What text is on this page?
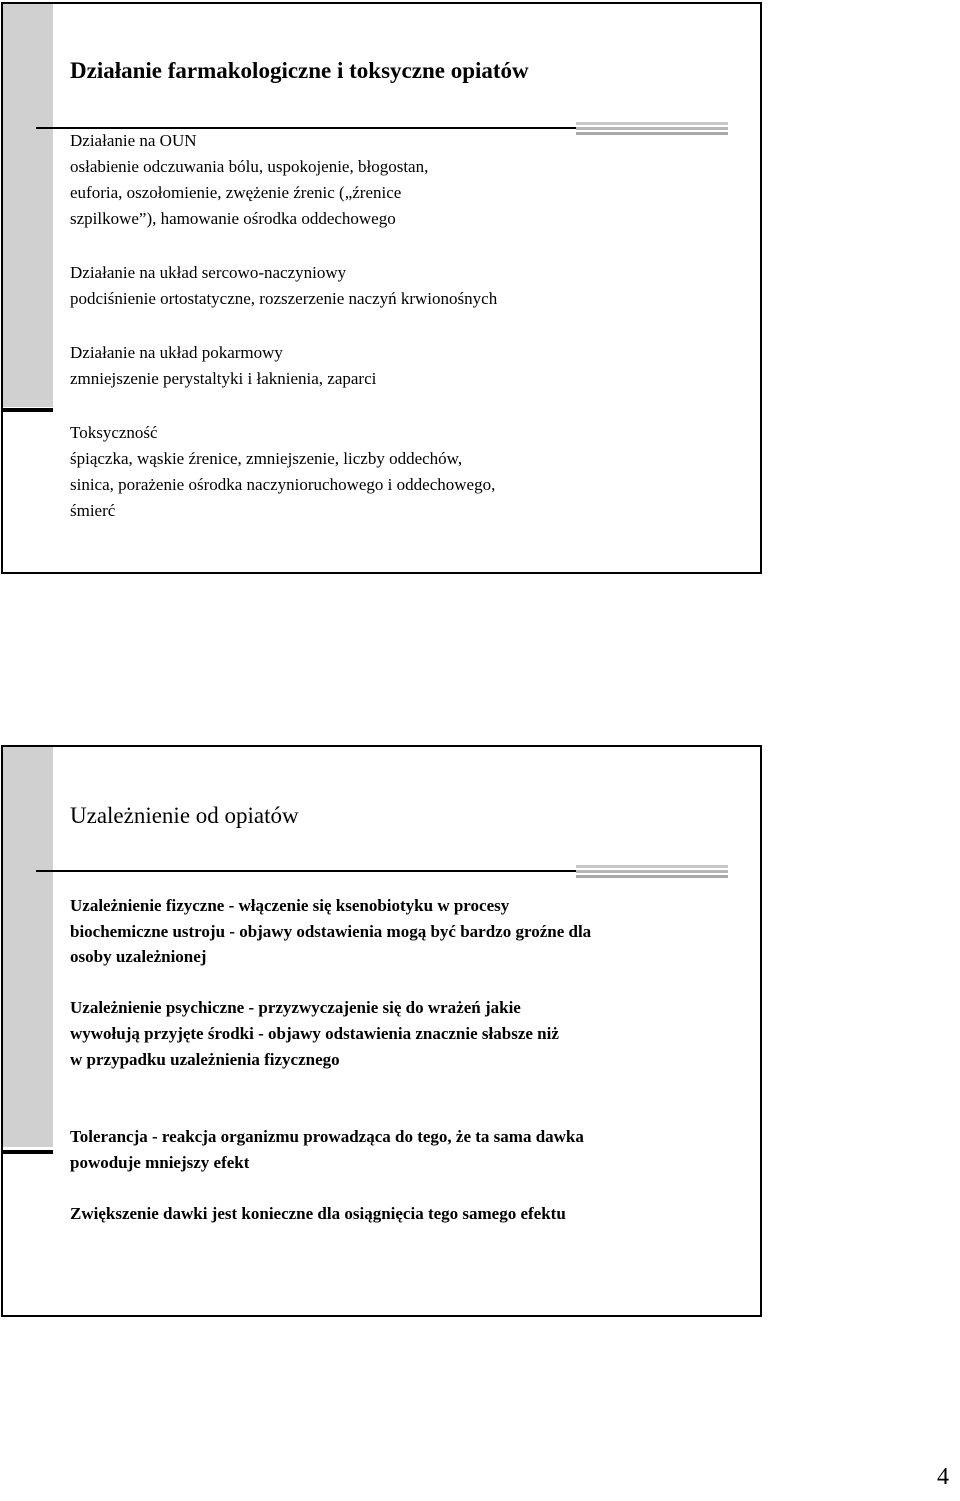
Działanie farmakologiczne i toksyczne opiatów
Działanie na OUN
osłabienie odczuwania bólu, uspokojenie, błogostan,
euforia, oszołomienie, zwężenie źrenic („źrenice
szpilkowe”), hamowanie ośrodka oddechowego
Działanie na układ sercowo-naczyniowy
podciśnienie ortostatyczne, rozszerzenie naczyń krwionośnych
Działanie na układ pokarmowy
zmniejszenie perystaltyki i łaknienia, zaparci
Toksyczność
śpiączka, wąskie źrenice, zmniejszenie, liczby oddechów,
sinica, porażenie ośrodka naczynioruchowego i oddechowego,
śmierć
Uzależnienie od opiatów
Uzależnienie fizyczne - włączenie się ksenobiotyku w procesy
biochemiczne ustroju - objawy odstawienia mogą być bardzo groźne dla
osoby uzależnionej
Uzależnienie psychiczne - przyzwyczajenie się do wrażeń jakie
wywołują przyjęte środki - objawy odstawienia znacznie słabsze niż
w przypadku uzależnienia fizycznego
Tolerancja - reakcja organizmu prowadząca do tego, że ta sama dawka
powoduje mniejszy efekt
Zwiększenie dawki jest konieczne dla osiągnięcia tego samego efektu
4
